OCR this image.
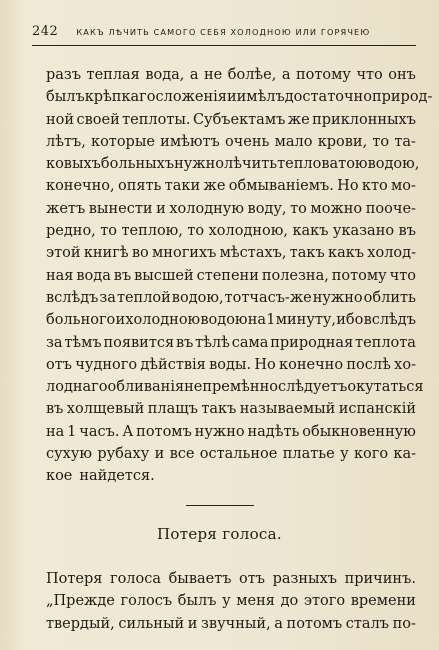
242 КАКЪ ЛѢЧИТЬ САМОГО СЕБЯ ХОЛОДНОЮ ИЛИ ГОРЯЧЕЮ
разъ теплая вода, а не болѣе, а потому что онъ
былъ крѣпкаго сложенія и имѣлъ достаточно природ-
ной своей теплоты. Субъектамъ же приклонныхъ
лѣтъ, которые имѣютъ очень мало крови, то та-
ковыхъ больныхъ нужно лѣчить тепловатою водою,
конечно, опять таки же обмываніемъ. Но кто мо-
жетъ вынести и холодную воду, то можно пооче-
редно, то теплою, то холодною, какъ указано въ
этой книгѣ во многихъ мѣстахъ, такъ какъ холод-
ная вода въ высшей степени полезна, потому что
вслѣдъ за теплой водою, тотчасъ-же нужно облить
больного и холодною водою на 1 минуту, ибо вслѣдъ
за тѣмъ появится въ тѣлѣ сама природная теплота
отъ чудного дѣйствія воды. Но конечно послѣ хо-
лоднаго обливанія непремѣнно слѣдуетъ окутаться
въ холщевый плащъ такъ называемый испанскій
на 1 часъ. А потомъ нужно надѣть обыкновенную
сухую рубаху и все остальное платье у кого ка-
кое найдется.
Потеря голоса.
Потеря голоса бываетъ отъ разныхъ причинъ.
„Прежде голосъ былъ у меня до этого времени
твердый, сильный и звучный, а потомъ сталъ по-
